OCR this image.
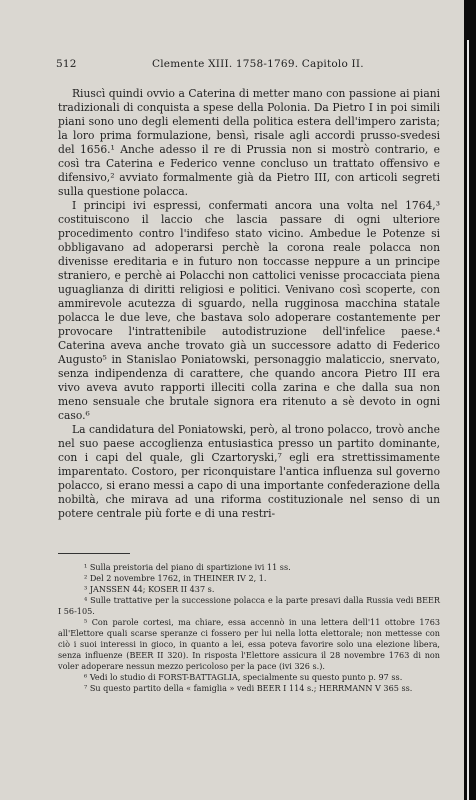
512	Clemente XIII. 1758-1769. Capitolo II.

Riuscì quindi ovvio a Caterina di metter mano con passione ai piani tradizionali di conquista a spese della Polonia. Da Pietro I in poi simili piani sono uno degli elementi della politica estera dell'impero zarista; la loro prima formulazione, bensì, risale agli accordi prusso-svedesi del 1656.¹ Anche adesso il re di Prussia non si mostrò contrario, e così tra Caterina e Federico venne concluso un trattato offensivo e difensivo,² avviato formalmente già da Pietro III, con articoli segreti sulla questione polacca.

I principi ivi espressi, confermati ancora una volta nel 1764,³ costituiscono il laccio che lascia passare di ogni ulteriore procedimento contro l'indifeso stato vicino. Ambedue le Potenze si obbligavano ad adoperarsi perchè la corona reale polacca non divenisse ereditaria e in futuro non toccasse neppure a un principe straniero, e perchè ai Polacchi non cattolici venisse procacciata piena uguaglianza di diritti religiosi e politici. Venivano così scoperte, con ammirevole acutezza di sguardo, nella rugginosa macchina statale polacca le due leve, che bastava solo adoperare costantemente per provocare l'intrattenibile autodistruzione dell'infelice paese.⁴ Caterina aveva anche trovato già un successore adatto di Federico Augusto⁵ in Stanislao Poniatowski, personaggio malaticcio, snervato, senza indipendenza di carattere, che quando ancora Pietro III era vivo aveva avuto rapporti illeciti colla zarina e che dalla sua non meno sensuale che brutale signora era ritenuto a sè devoto in ogni caso.⁶

La candidatura del Poniatowski, però, al trono polacco, trovò anche nel suo paese accoglienza entusiastica presso un partito dominante, con i capi del quale, gli Czartoryski,⁷ egli era strettissimamente imparentato. Costoro, per riconquistare l'antica influenza sul governo polacco, si erano messi a capo di una importante confederazione della nobiltà, che mirava ad una riforma costituzionale nel senso di un potere centrale più forte e di una restri-

¹ Sulla preistoria del piano di spartizione ivi 11 ss.

² Del 2 novembre 1762, in THEINER IV 2, 1.

³ JANSSEN 44; KOSER II 437 s.

⁴ Sulle trattative per la successione polacca e la parte presavi dalla Russia vedi BEER I 56-105.

⁵ Con parole cortesi, ma chiare, essa accennò in una lettera dell'11 ottobre 1763 all'Elettore quali scarse speranze ci fossero per lui nella lotta elettorale; non mettesse con ciò i suoi interessi in gioco, in quanto a lei, essa poteva favorire solo una elezione libera, senza influenze (BEER II 320). In risposta l'Elettore assicura il 28 novembre 1763 di non voler adoperare nessun mezzo pericoloso per la pace (ivi 326 s.).

⁶ Vedi lo studio di FORST-BATTAGLIA, specialmente su questo punto p. 97 ss.

⁷ Su questo partito della « famiglia » vedi BEER I 114 s.; HERRMANN V 365 ss.
